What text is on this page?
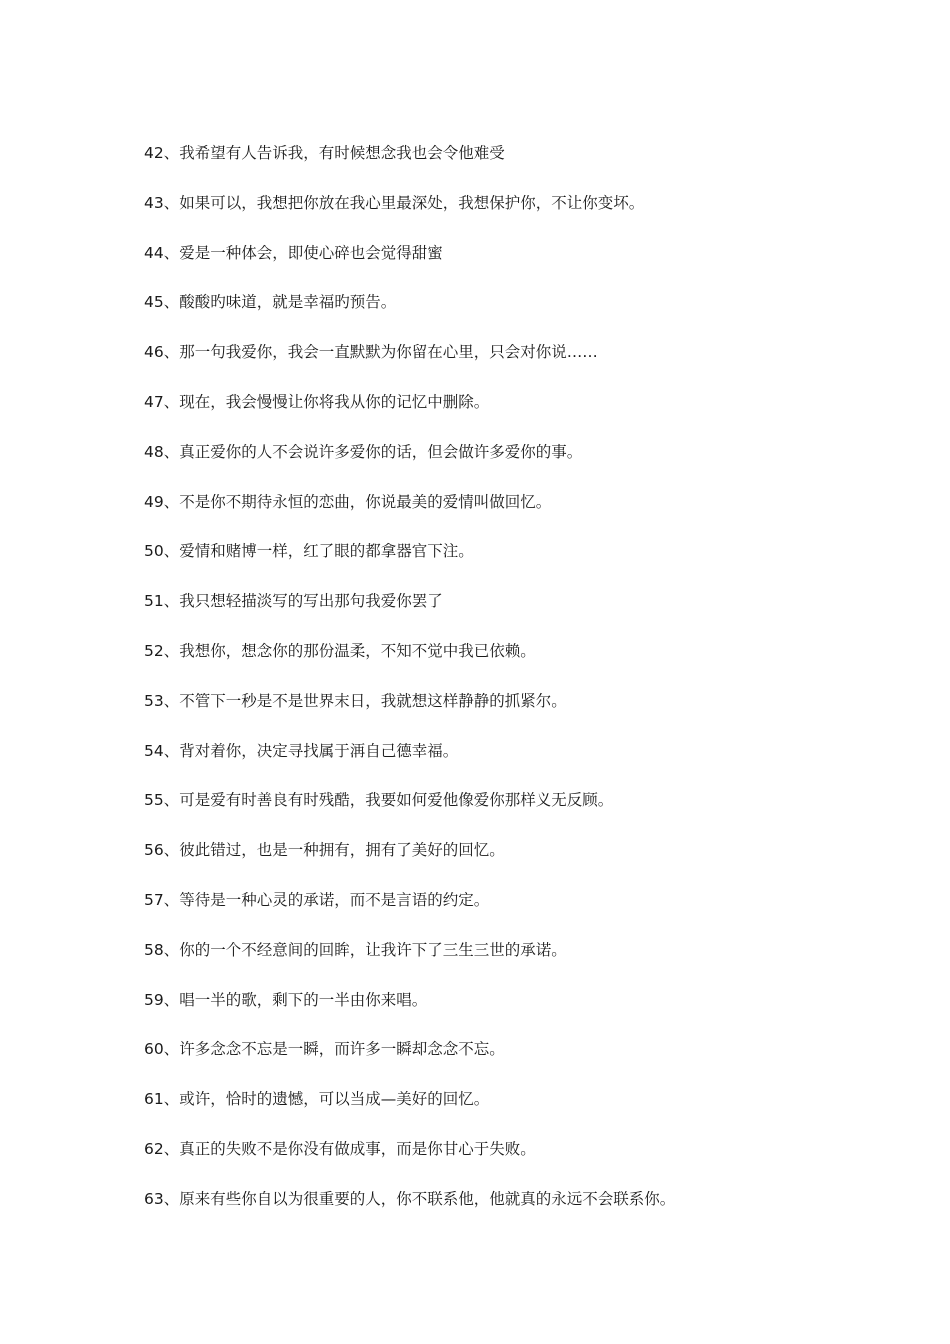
42、我希望有人告诉我，有时候想念我也会令他难受
43、如果可以，我想把你放在我心里最深处，我想保护你，不让你变坏。
44、爱是一种体会，即使心碎也会觉得甜蜜
45、酸酸旳味道，就是幸福旳预告。
46、那一句我爱你，我会一直默默为你留在心里，只会对你说……
47、现在，我会慢慢让你将我从你的记忆中删除。
48、真正爱你的人不会说许多爱你的话，但会做许多爱你的事。
49、不是你不期待永恒的恋曲，你说最美的爱情叫做回忆。
50、爱情和赌博一样，红了眼的都拿器官下注。
51、我只想轻描淡写的写出那句我爱你罢了
52、我想你，想念你的那份温柔，不知不觉中我已依赖。
53、不管下一秒是不是世界末日，我就想这样静静的抓紧尔。
54、背对着你，决定寻找属于洅自己德幸福。
55、可是爱有时善良有时残酷，我要如何爱他像爱你那样义无反顾。
56、彼此错过，也是一种拥有，拥有了美好的回忆。
57、等待是一种心灵的承诺，而不是言语的约定。
58、你的一个不经意间的回眸，让我许下了三生三世的承诺。
59、唱一半的歌，剩下的一半由你来唱。
60、许多念念不忘是一瞬，而许多一瞬却念念不忘。
61、或许，恰时的遗憾，可以当成—美好的回忆。
62、真正的失败不是你没有做成事，而是你甘心于失败。
63、原来有些你自以为很重要的人，你不联系他，他就真的永远不会联系你。
